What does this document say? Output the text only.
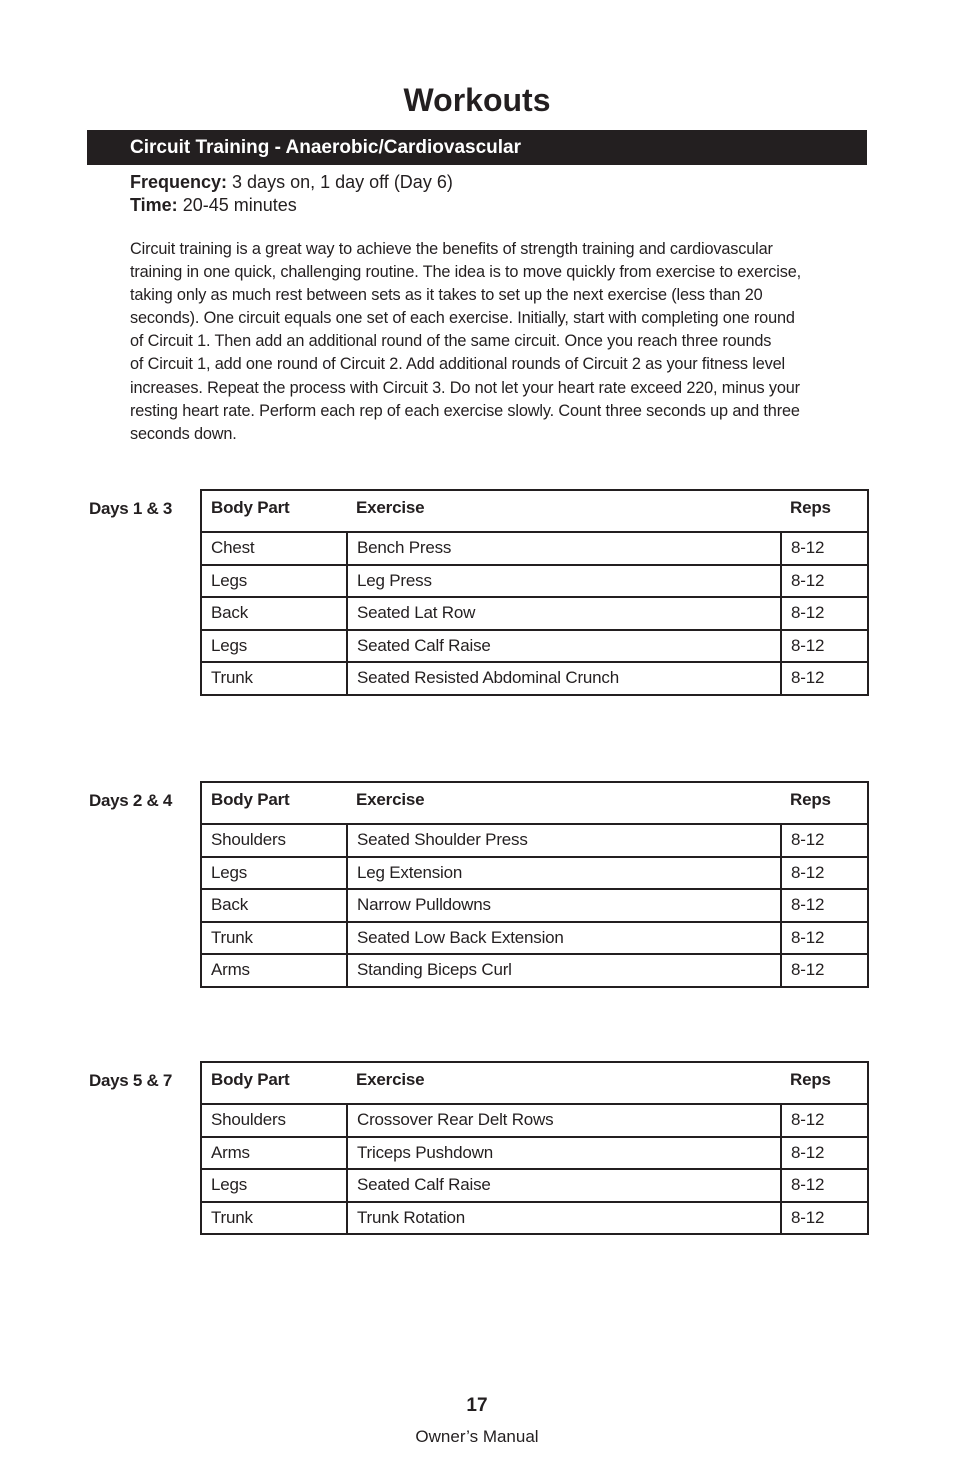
Workouts
Circuit Training - Anaerobic/Cardiovascular
Frequency: 3 days on, 1 day off (Day 6)
Time: 20-45 minutes
Circuit training is a great way to achieve the benefits of strength training and cardiovascular
training in one quick, challenging routine. The idea is to move quickly from exercise to exercise,
taking only as much rest between sets as it takes to set up the next exercise (less than 20
seconds). One circuit equals one set of each exercise. Initially, start with completing one round
of Circuit 1. Then add an additional round of the same circuit. Once you reach three rounds
of Circuit 1, add one round of Circuit 2. Add additional rounds of Circuit 2 as your fitness level
increases. Repeat the process with Circuit 3. Do not let your heart rate exceed 220, minus your
resting heart rate. Perform each rep of each exercise slowly. Count three seconds up and three
seconds down.
Days 1 & 3 Body Part	Exercise	Reps
Chest	Bench Press	8-12
Legs	Leg Press	8-12
Back	Seated Lat Row	8-12
Legs	Seated Calf Raise	8-12
Trunk	Seated Resisted Abdominal Crunch	8-12
Days 2 & 4 Body Part	Exercise	Reps
Shoulders	Seated Shoulder Press	8-12
Legs	Leg Extension	8-12
Back	Narrow Pulldowns	8-12
Trunk	Seated Low Back Extension	8-12
Arms	Standing Biceps Curl	8-12
Days 5 & 7 Body Part	Exercise	Reps
Shoulders	Crossover Rear Delt Rows	8-12
Arms	Triceps Pushdown	8-12
Legs	Seated Calf Raise	8-12
Trunk	Trunk Rotation	8-12
17
Owner’s Manual
